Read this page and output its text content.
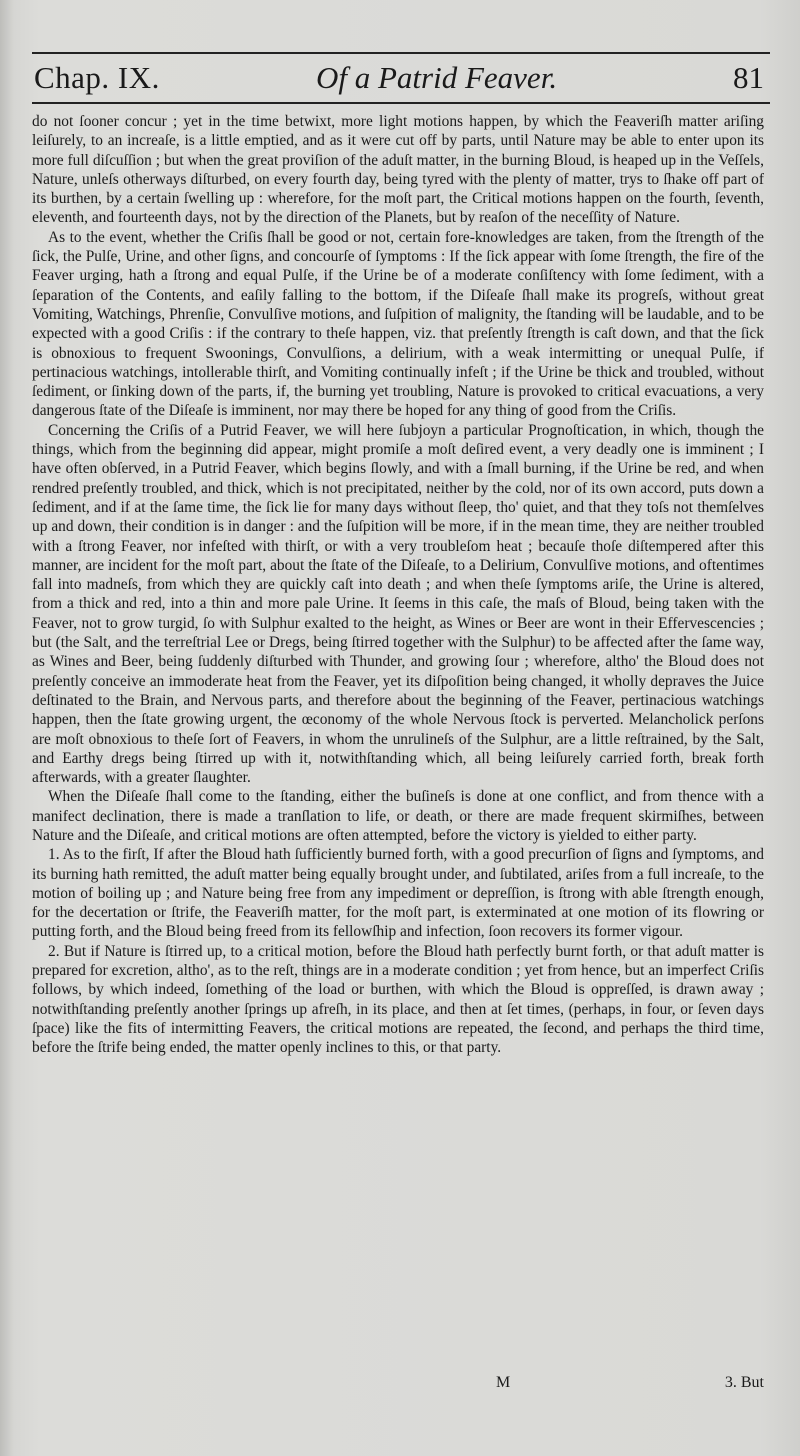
Chap. IX.	Of a Patrid Feaver.	81

do not ſooner concur ; yet in the time betwixt, more light motions happen, by which the Feaveriſh matter ariſing leiſurely, to an increaſe, is a little emptied, and as it were cut off by parts, until Nature may be able to enter upon its more full diſcuſſion ; but when the great proviſion of the aduſt matter, in the burning Bloud, is heaped up in the Veſſels, Nature, unleſs otherways diſturbed, on every fourth day, being tyred with the plenty of matter, trys to ſhake off part of its burthen, by a certain ſwelling up : wherefore, for the moſt part, the Critical motions happen on the fourth, ſeventh, eleventh, and fourteenth days, not by the direction of the Planets, but by reaſon of the neceſſity of Nature.

As to the event, whether the Criſis ſhall be good or not, certain fore-knowledges are taken, from the ſtrength of the ſick, the Pulſe, Urine, and other ſigns, and concourſe of ſymptoms : If the ſick appear with ſome ſtrength, the fire of the Feaver urging, hath a ſtrong and equal Pulſe, if the Urine be of a moderate conſiſtency with ſome ſediment, with a ſeparation of the Contents, and eaſily falling to the bottom, if the Diſeaſe ſhall make its progreſs, without great Vomiting, Watchings, Phrenſie, Convulſive motions, and ſuſpition of malignity, the ſtanding will be laudable, and to be expected with a good Criſis : if the contrary to theſe happen, viz. that preſently ſtrength is caſt down, and that the ſick is obnoxious to frequent Swoonings, Convulſions, a delirium, with a weak intermitting or unequal Pulſe, if pertinacious watchings, intollerable thirſt, and Vomiting continually infeſt ; if the Urine be thick and troubled, without ſediment, or ſinking down of the parts, if, the burning yet troubling, Nature is provoked to critical evacuations, a very dangerous ſtate of the Diſeaſe is imminent, nor may there be hoped for any thing of good from the Criſis.

Concerning the Criſis of a Putrid Feaver, we will here ſubjoyn a particular Prognoſtication, in which, though the things, which from the beginning did appear, might promiſe a moſt deſired event, a very deadly one is imminent ; I have often obſerved, in a Putrid Feaver, which begins ſlowly, and with a ſmall burning, if the Urine be red, and when rendred preſently troubled, and thick, which is not precipitated, neither by the cold, nor of its own accord, puts down a ſediment, and if at the ſame time, the ſick lie for many days without ſleep, tho' quiet, and that they toſs not themſelves up and down, their condition is in danger : and the ſuſpition will be more, if in the mean time, they are neither troubled with a ſtrong Feaver, nor infeſted with thirſt, or with a very troubleſom heat ; becauſe thoſe diſtempered after this manner, are incident for the moſt part, about the ſtate of the Diſeaſe, to a Delirium, Convulſive motions, and oftentimes fall into madneſs, from which they are quickly caſt into death ; and when theſe ſymptoms ariſe, the Urine is altered, from a thick and red, into a thin and more pale Urine. It ſeems in this caſe, the maſs of Bloud, being taken with the Feaver, not to grow turgid, ſo with Sulphur exalted to the height, as Wines or Beer are wont in their Effervescencies ; but (the Salt, and the terreſtrial Lee or Dregs, being ſtirred together with the Sulphur) to be affected after the ſame way, as Wines and Beer, being ſuddenly diſturbed with Thunder, and growing ſour ; wherefore, altho' the Bloud does not preſently conceive an immoderate heat from the Feaver, yet its diſpoſition being changed, it wholly depraves the Juice deſtinated to the Brain, and Nervous parts, and therefore about the beginning of the Feaver, pertinacious watchings happen, then the ſtate growing urgent, the œconomy of the whole Nervous ſtock is perverted. Melancholick perſons are moſt obnoxious to theſe ſort of Feavers, in whom the unrulineſs of the Sulphur, are a little reſtrained, by the Salt, and Earthy dregs being ſtirred up with it, notwithſtanding which, all being leiſurely carried forth, break forth afterwards, with a greater ſlaughter.

When the Diſeaſe ſhall come to the ſtanding, either the buſineſs is done at one conflict, and from thence with a manifect declination, there is made a tranſlation to life, or death, or there are made frequent skirmiſhes, between Nature and the Diſeaſe, and critical motions are often attempted, before the victory is yielded to either party.

1. As to the firſt, If after the Bloud hath ſufficiently burned forth, with a good precurſion of ſigns and ſymptoms, and its burning hath remitted, the aduſt matter being equally brought under, and ſubtilated, ariſes from a full increaſe, to the motion of boiling up ; and Nature being free from any impediment or depreſſion, is ſtrong with able ſtrength enough, for the decertation or ſtrife, the Feaveriſh matter, for the moſt part, is exterminated at one motion of its flowring or putting forth, and the Bloud being freed from its fellowſhip and infection, ſoon recovers its former vigour.

2. But if Nature is ſtirred up, to a critical motion, before the Bloud hath perfectly burnt forth, or that aduſt matter is prepared for excretion, altho', as to the reſt, things are in a moderate condition ; yet from hence, but an imperfect Criſis follows, by which indeed, ſomething of the load or burthen, with which the Bloud is oppreſſed, is drawn away ; notwithſtanding preſently another ſprings up afreſh, in its place, and then at ſet times, (perhaps, in four, or ſeven days ſpace) like the fits of intermitting Feavers, the critical motions are repeated, the ſecond, and perhaps the third time, before the ſtrife being ended, the matter openly inclines to this, or that party.

M	3. But
